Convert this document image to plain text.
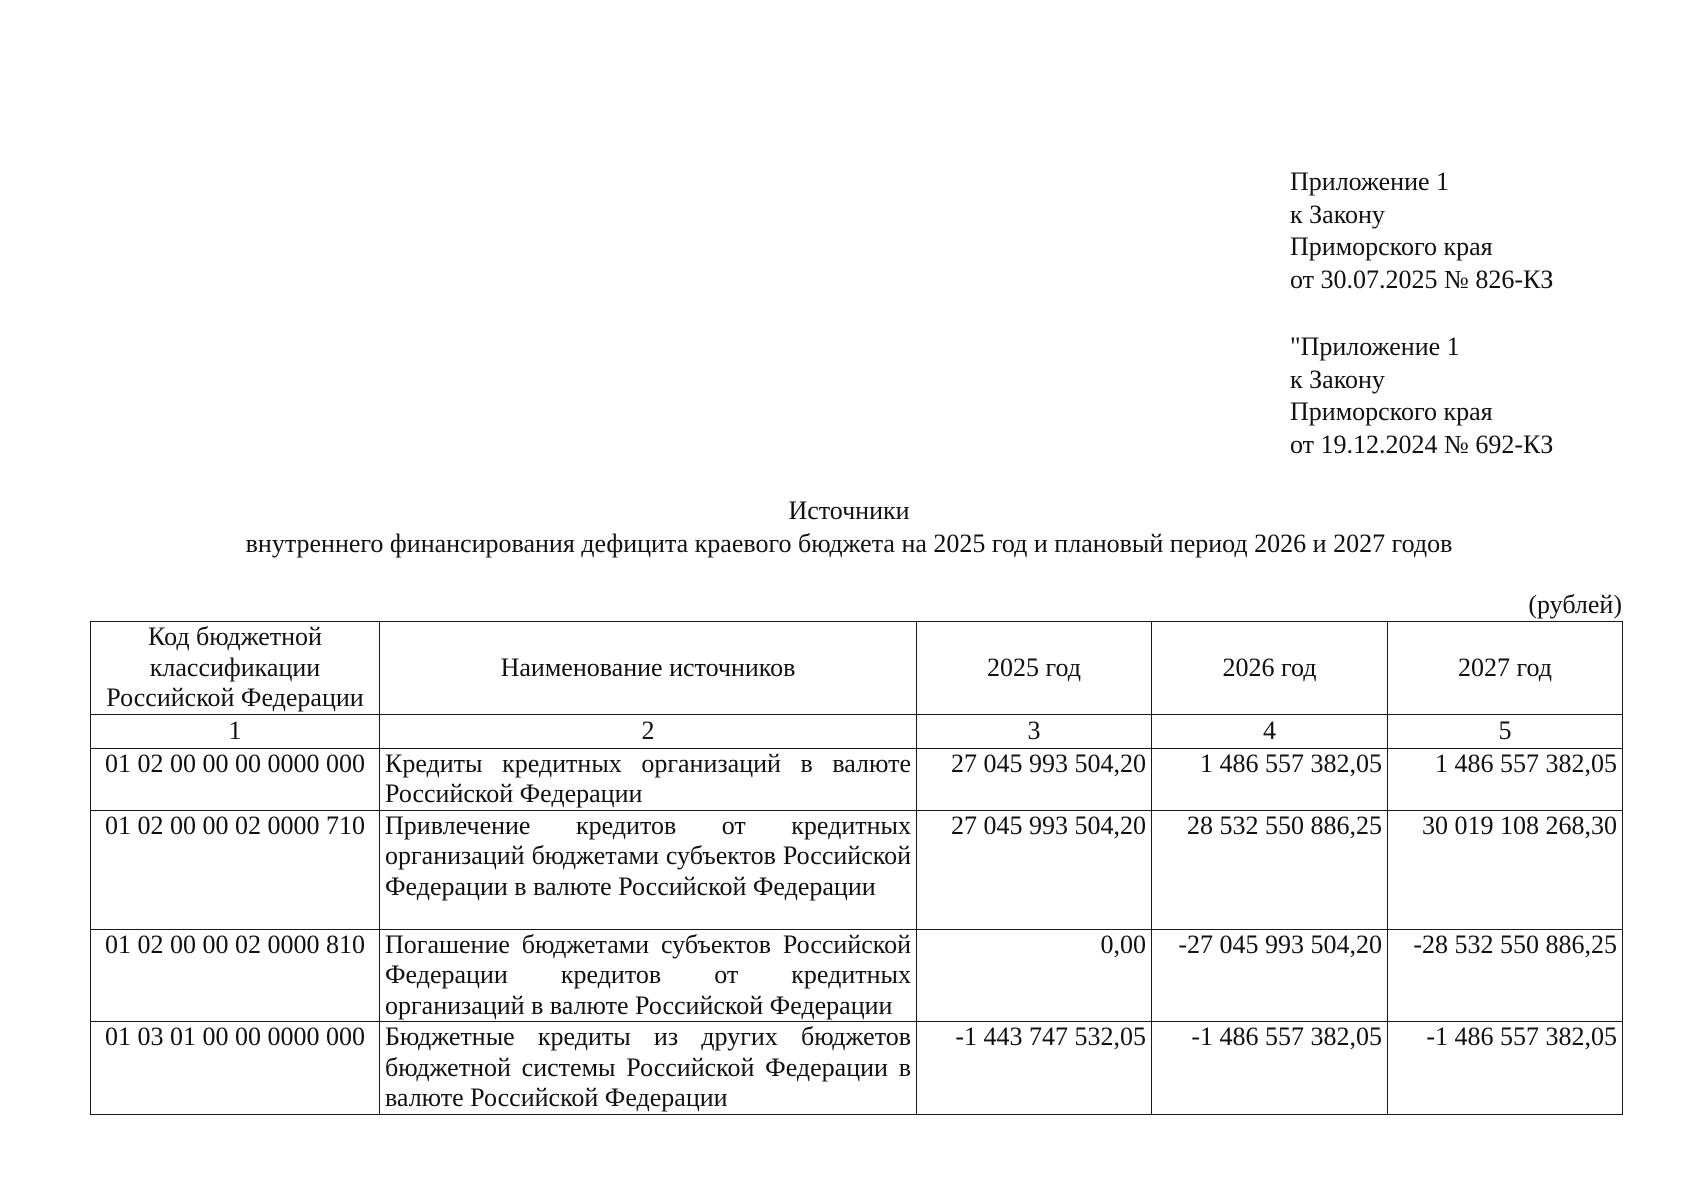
Приложение 1
к Закону
Приморского края
от 30.07.2025 № 826-КЗ
"Приложение 1
к Закону
Приморского края
от 19.12.2024 № 692-КЗ
Источники
внутреннего финансирования дефицита краевого бюджета на 2025 год и плановый период 2026 и 2027 годов
(рублей)
Код бюджетной классификации Российской Федерации	Наименование источников	2025 год	2026 год	2027 год
1	2	3	4	5
01 02 00 00 00 0000 000	Кредиты кредитных организаций в валюте Российской Федерации	27 045 993 504,20	1 486 557 382,05	1 486 557 382,05
01 02 00 00 02 0000 710	Привлечение кредитов от кредитных организаций бюджетами субъектов Российской Федерации в валюте Российской Федерации	27 045 993 504,20	28 532 550 886,25	30 019 108 268,30
01 02 00 00 02 0000 810	Погашение бюджетами субъектов Российской Федерации кредитов от кредитных организаций в валюте Российской Федерации	0,00	-27 045 993 504,20	-28 532 550 886,25
01 03 01 00 00 0000 000	Бюджетные кредиты из других бюджетов бюджетной системы Российской Федерации в валюте Российской Федерации	-1 443 747 532,05	-1 486 557 382,05	-1 486 557 382,05
